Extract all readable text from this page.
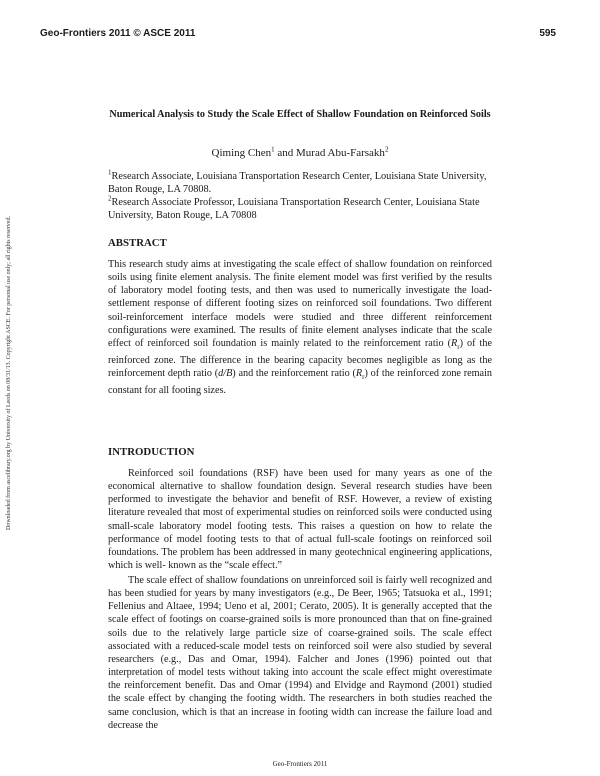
Geo-Frontiers 2011 © ASCE 2011	595
Downloaded from ascelibrary.org by University of Leeds on 08/31/13. Copyright ASCE. For personal use only; all rights reserved.
Numerical Analysis to Study the Scale Effect of Shallow Foundation on Reinforced Soils
Qiming Chen$^1$ and Murad Abu-Farsakh$^2$
$^1$Research Associate, Louisiana Transportation Research Center, Louisiana State University, Baton Rouge, LA 70808.
$^2$Research Associate Professor, Louisiana Transportation Research Center, Louisiana State University, Baton Rouge, LA 70808
ABSTRACT

This research study aims at investigating the scale effect of shallow foundation on reinforced soils using finite element analysis. The finite element model was first verified by the results of laboratory model footing tests, and then was used to numerically investigate the load-settlement response of different footing sizes on reinforced soil foundations. Two different soil-reinforcement interface models were studied and three different reinforcement configurations were examined. The results of finite element analyses indicate that the scale effect of reinforced soil foundation is mainly related to the reinforcement ratio $(R_r)$ of the reinforced zone. The difference in the bearing capacity becomes negligible as long as the reinforcement depth ratio (d/B) and the reinforcement ratio $(R_r)$ of the reinforced zone remain constant for all footing sizes.

INTRODUCTION

Reinforced soil foundations (RSF) have been used for many years as one of the economical alternative to shallow foundation design. Several research studies have been performed to investigate the behavior and benefit of RSF. However, a review of existing literature revealed that most of experimental studies on reinforced soils were conducted using small-scale laboratory model footing tests. This raises a question on how to relate the performance of model footing tests to that of actual full-scale footings on reinforced soil foundations. The problem has been addressed in many geotechnical engineering applications, which is well- known as the “scale effect.”

The scale effect of shallow foundations on unreinforced soil is fairly well recognized and has been studied for years by many investigators (e.g., De Beer, 1965; Tatsuoka et al., 1991; Fellenius and Altaee, 1994; Ueno et al, 2001; Cerato, 2005). It is generally accepted that the scale effect of footings on coarse-grained soils is more pronounced than that on fine-grained soils due to the relatively large particle size of coarse-grained soils. The scale effect associated with a reduced-scale model tests on reinforced soil were also studied by several researchers (e.g., Das and Omar, 1994). Falcher and Jones (1996) pointed out that interpretation of model tests without taking into account the scale effect might overestimate the reinforcement benefit. Das and Omar (1994) and Elvidge and Raymond (2001) studied the scale effect by changing the footing width. The researchers in both studies reached the same conclusion, which is that an increase in footing width can increase the failure load and decrease the

Geo-Frontiers 2011
